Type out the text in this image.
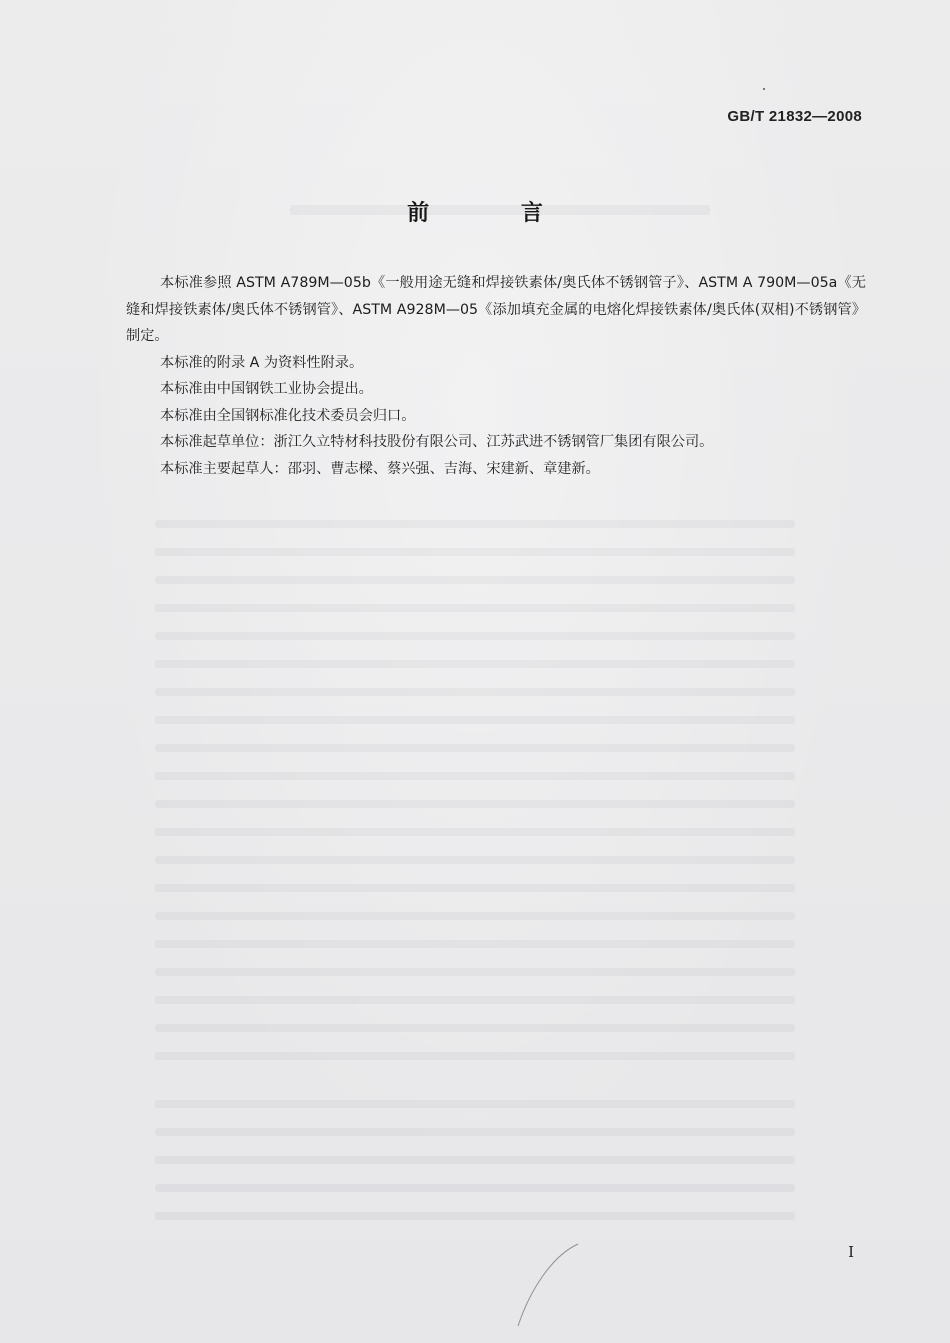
GB/T 21832—2008
前 言

本标准参照 ASTM A789M—05b《一般用途无缝和焊接铁素体/奥氏体不锈钢管子》、ASTM A 790M—05a《无缝和焊接铁素体/奥氏体不锈钢管》、ASTM A928M—05《添加填充金属的电熔化焊接铁素体/奥氏体(双相)不锈钢管》制定。

本标准的附录 A 为资料性附录。

本标准由中国钢铁工业协会提出。

本标准由全国钢标准化技术委员会归口。

本标准起草单位：浙江久立特材科技股份有限公司、江苏武进不锈钢管厂集团有限公司。

本标准主要起草人：邵羽、曹志樑、蔡兴强、吉海、宋建新、章建新。

I
